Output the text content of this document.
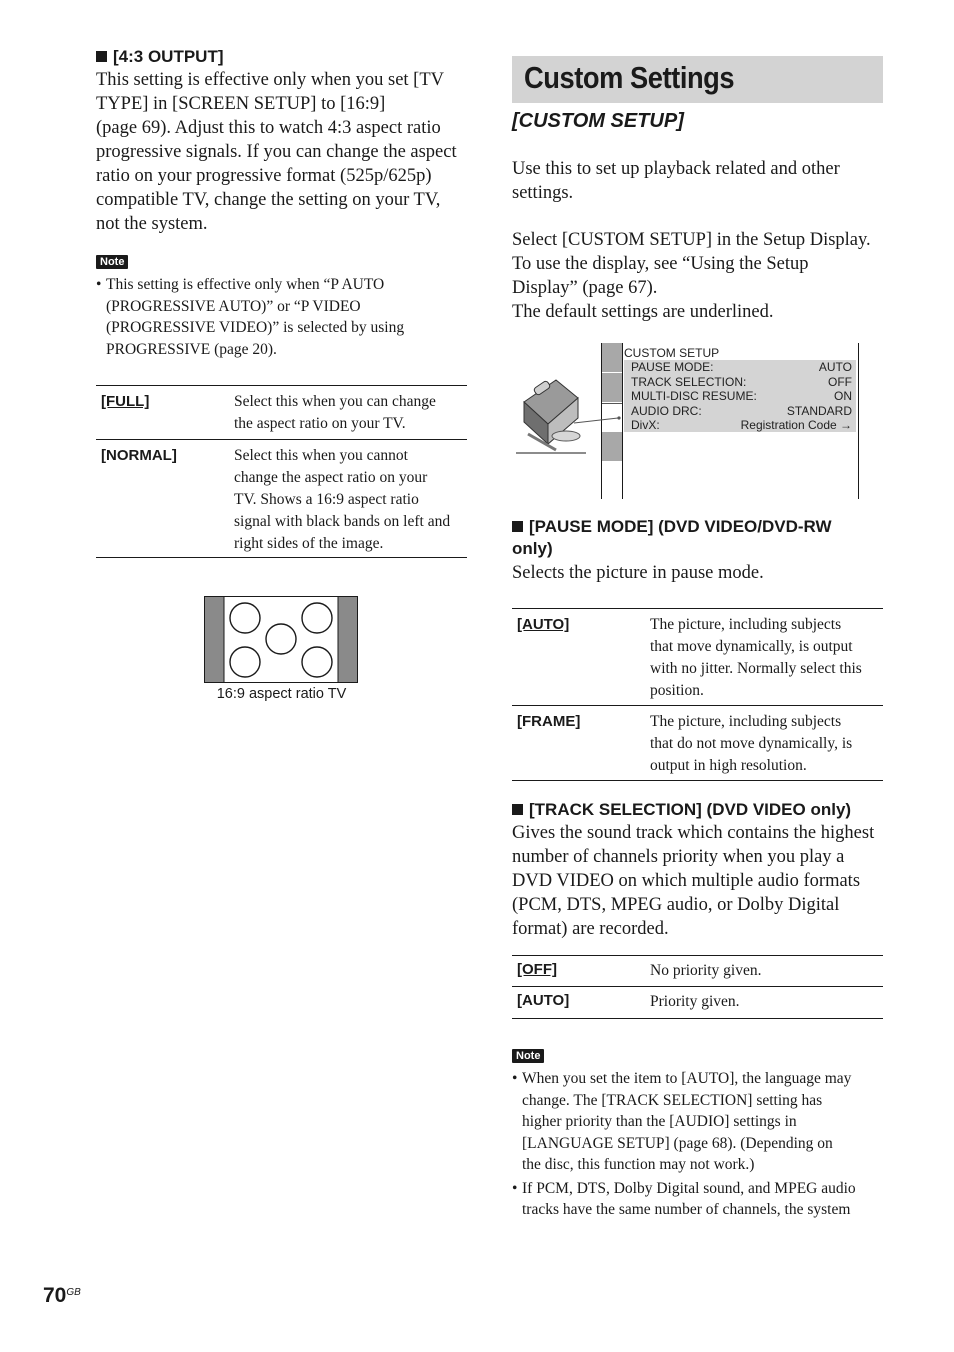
[4:3 OUTPUT]
This setting is effective only when you set [TV
TYPE] in [SCREEN SETUP] to [16:9]
(page 69). Adjust this to watch 4:3 aspect ratio
progressive signals. If you can change the aspect
ratio on your progressive format (525p/625p)
compatible TV, change the setting on your TV,
not the system.
Note
• This setting is effective only when “P AUTO
(PROGRESSIVE AUTO)” or “P VIDEO
(PROGRESSIVE VIDEO)” is selected by using
PROGRESSIVE (page 20).
[FULL]	Select this when you can change
the aspect ratio on your TV.

[NORMAL]	Select this when you cannot
change the aspect ratio on your
TV. Shows a 16:9 aspect ratio
signal with black bands on left and
right sides of the image.
16:9 aspect ratio TV
Custom Settings
[CUSTOM SETUP]
Use this to set up playback related and other
settings.
Select [CUSTOM SETUP] in the Setup Display.
To use the display, see “Using the Setup
Display” (page 67).
The default settings are underlined.
CUSTOM SETUP
PAUSE MODE:	AUTO
TRACK SELECTION:	OFF
MULTI-DISC RESUME:	ON
AUDIO DRC:	STANDARD
DivX:	Registration Code →
[PAUSE MODE] (DVD VIDEO/DVD-RW
only)
Selects the picture in pause mode.
[AUTO]	The picture, including subjects
that move dynamically, is output
with no jitter. Normally select this
position.

[FRAME]	The picture, including subjects
that do not move dynamically, is
output in high resolution.
[TRACK SELECTION] (DVD VIDEO only)
Gives the sound track which contains the highest
number of channels priority when you play a
DVD VIDEO on which multiple audio formats
(PCM, DTS, MPEG audio, or Dolby Digital
format) are recorded.
[OFF]	No priority given.

[AUTO]	Priority given.
Note
• When you set the item to [AUTO], the language may
change. The [TRACK SELECTION] setting has
higher priority than the [AUDIO] settings in
[LANGUAGE SETUP] (page 68). (Depending on
the disc, this function may not work.)
• If PCM, DTS, Dolby Digital sound, and MPEG audio
tracks have the same number of channels, the system
$70^{GB}$
